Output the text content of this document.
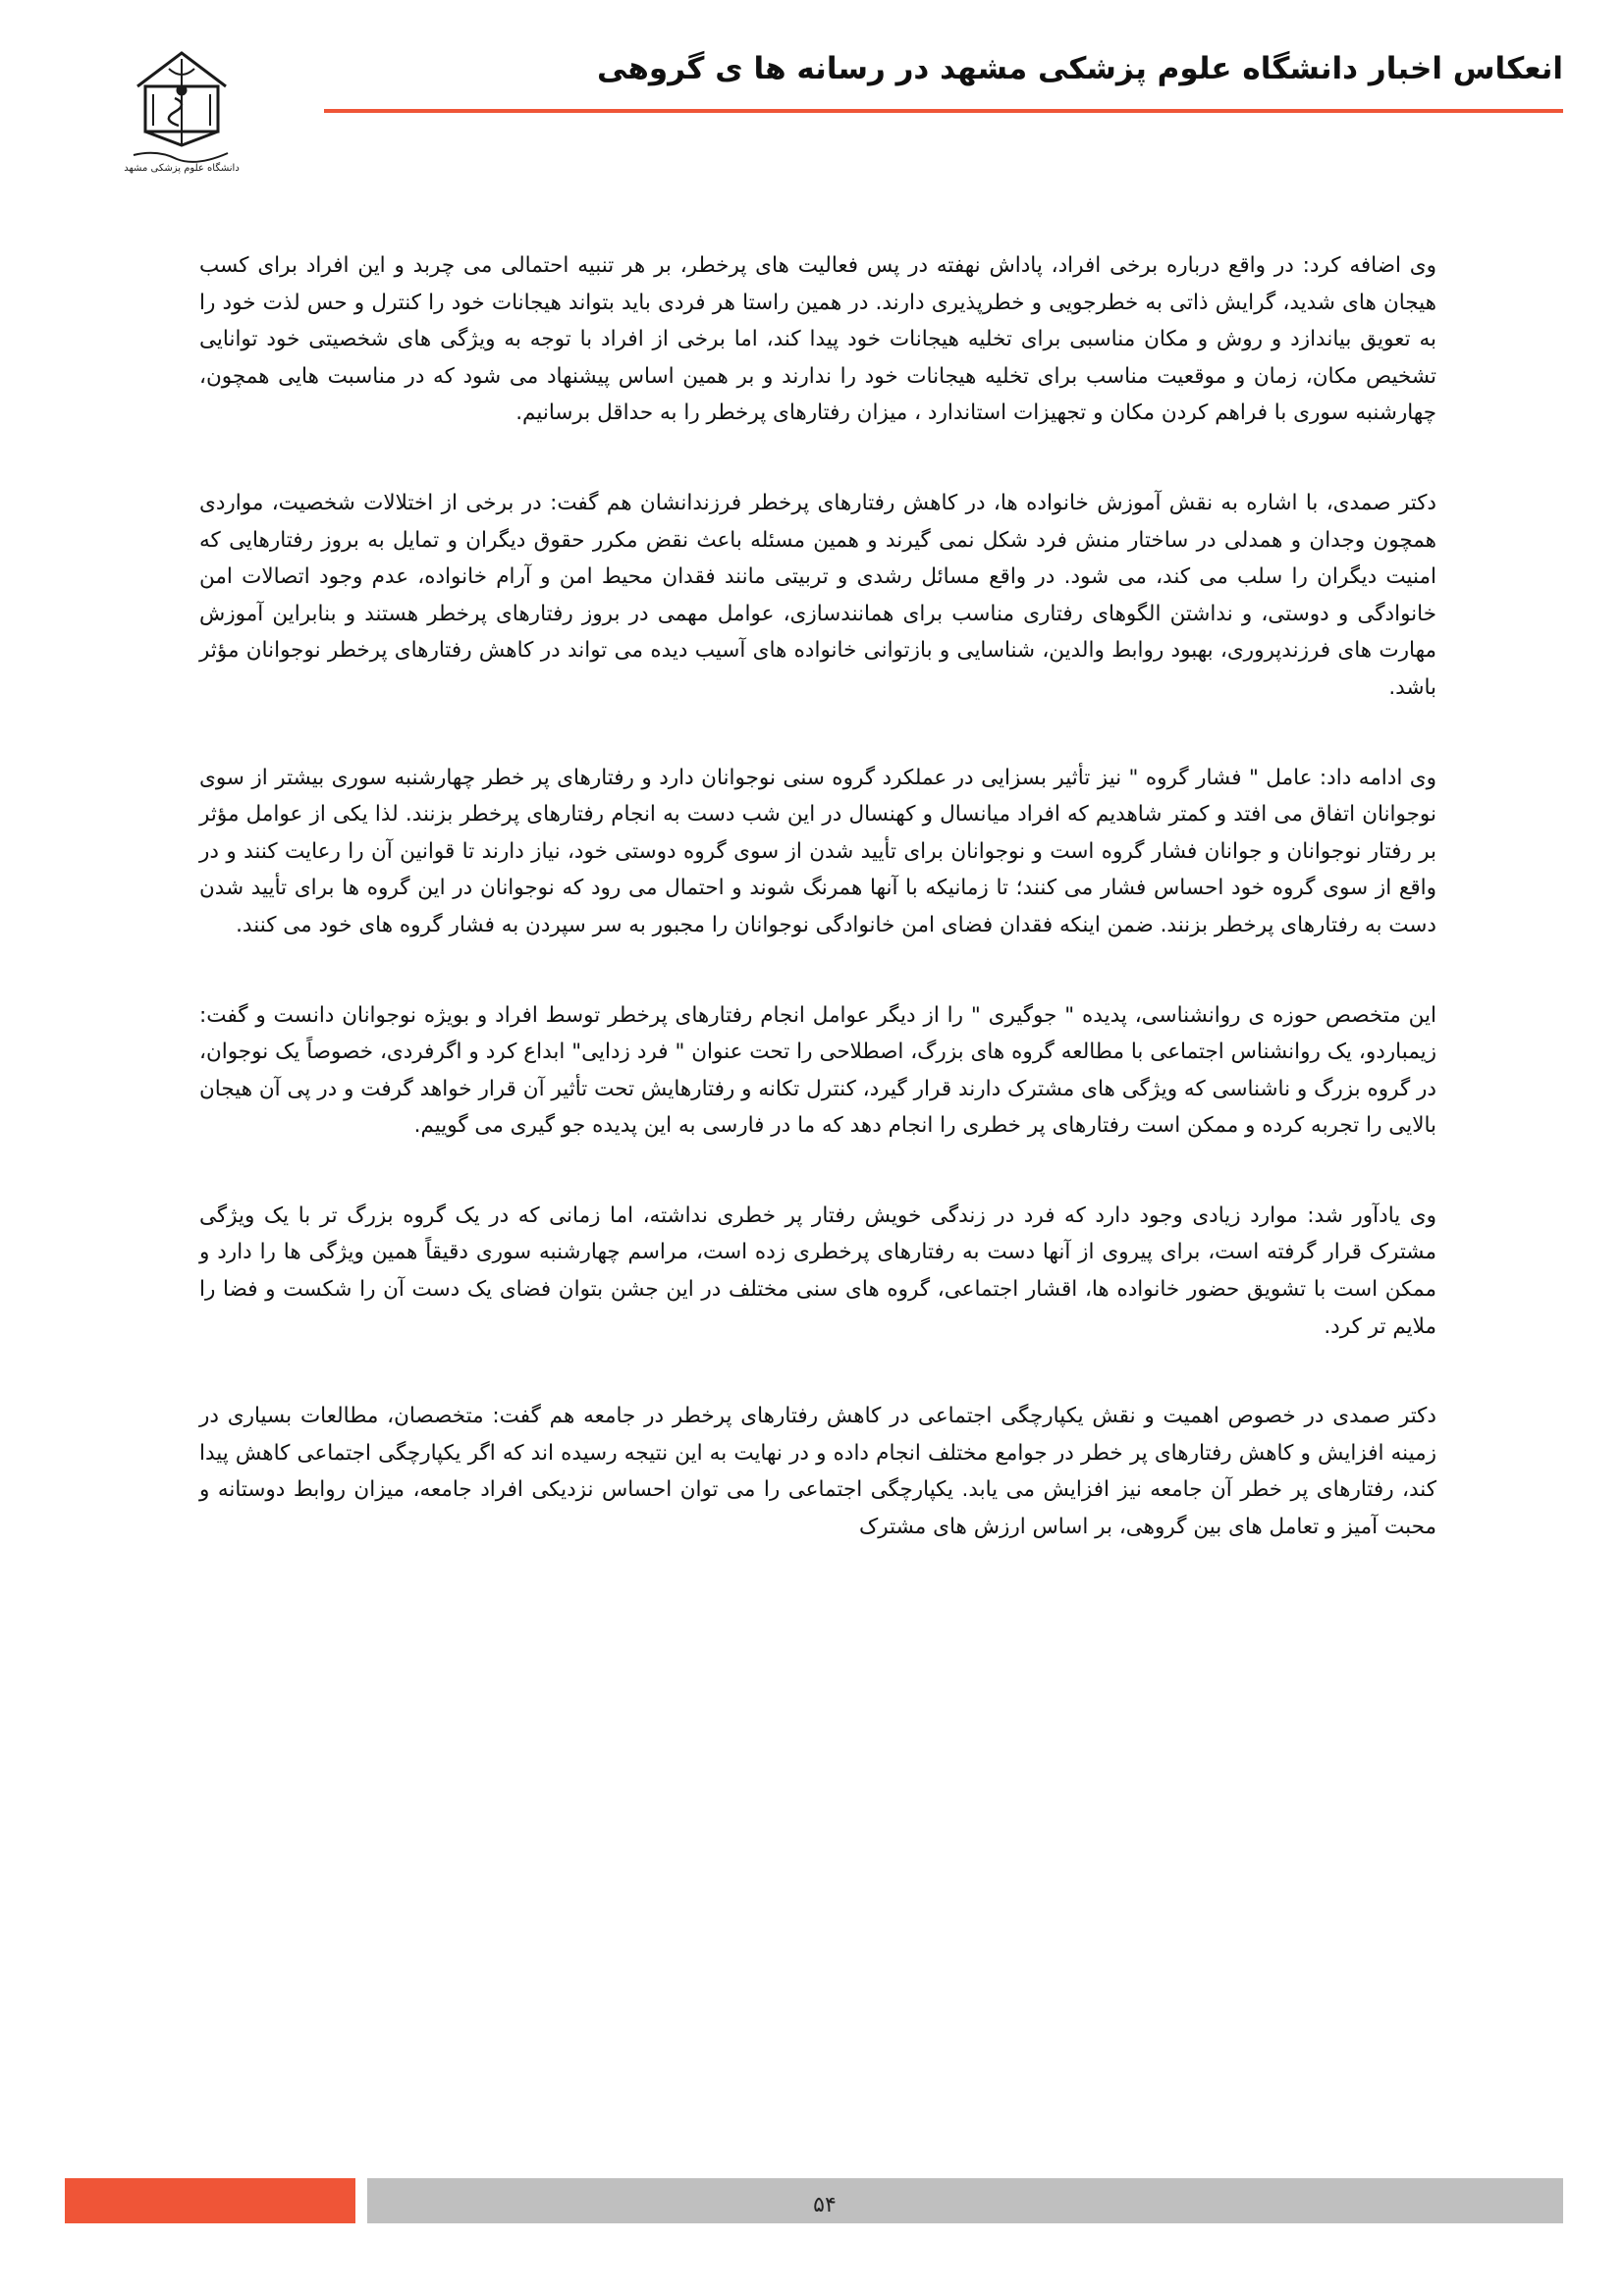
دانشگاه علوم پزشکی مشهد
انعکاس اخبار دانشگاه علوم پزشکی مشهد در رسانه ها ی گروهی

وی اضافه کرد: در واقع درباره برخی افراد، پاداش نهفته در پس فعالیت های پرخطر، بر هر تنبیه احتمالی می چربد و این افراد برای کسب هیجان های شدید، گرایش ذاتی به خطرجویی و خطرپذیری دارند. در همین راستا هر فردی باید بتواند هیجانات خود را کنترل و حس لذت خود را به تعویق بیاندازد و روش و مکان مناسبی برای تخلیه هیجانات خود پیدا کند، اما برخی از افراد با توجه به ویژگی های شخصیتی خود توانایی تشخیص مکان، زمان و موقعیت مناسب برای تخلیه هیجانات خود را ندارند و بر همین اساس پیشنهاد می شود که در مناسبت هایی همچون، چهارشنبه سوری با فراهم کردن مکان و تجهیزات استاندارد ، میزان رفتارهای پرخطر را به حداقل برسانیم.

دکتر صمدی، با اشاره به نقش آموزش خانواده ها، در کاهش رفتارهای پرخطر فرزندانشان هم گفت: در برخی از اختلالات شخصیت، مواردی همچون وجدان و همدلی در ساختار منش فرد شکل نمی گیرند و همین مسئله باعث نقض مکرر حقوق دیگران و تمایل به بروز رفتارهایی که امنیت دیگران را سلب می کند، می شود. در واقع مسائل رشدی و تربیتی مانند فقدان محیط امن و آرام خانواده، عدم وجود اتصالات امن خانوادگی و دوستی، و نداشتن الگوهای رفتاری مناسب برای همانندسازی، عوامل مهمی در بروز رفتارهای پرخطر هستند و بنابراین آموزش مهارت های فرزندپروری، بهبود روابط والدین، شناسایی و بازتوانی خانواده های آسیب دیده می تواند در کاهش رفتارهای پرخطر نوجوانان مؤثر باشد.

وی ادامه داد: عامل " فشار گروه " نیز تأثیر بسزایی در عملکرد گروه سنی نوجوانان دارد و رفتارهای پر خطر چهارشنبه سوری بیشتر از سوی نوجوانان اتفاق می افتد و کمتر شاهدیم که افراد میانسال و کهنسال در این شب دست به انجام رفتارهای پرخطر بزنند. لذا یکی از عوامل مؤثر بر رفتار نوجوانان و جوانان فشار گروه است و نوجوانان برای تأیید شدن از سوی گروه دوستی خود، نیاز دارند تا قوانین آن را رعایت کنند و در واقع از سوی گروه خود احساس فشار می کنند؛ تا زمانیکه با آنها همرنگ شوند و احتمال می رود که نوجوانان در این گروه ها برای تأیید شدن دست به رفتارهای پرخطر بزنند. ضمن اینکه فقدان فضای امن خانوادگی نوجوانان را مجبور به سر سپردن به فشار گروه های خود می کنند.

این متخصص حوزه ی روانشناسی، پدیده " جوگیری " را از دیگر عوامل انجام رفتارهای پرخطر توسط افراد و بویژه نوجوانان دانست و گفت: زیمباردو، یک روانشناس اجتماعی با مطالعه گروه های بزرگ، اصطلاحی را تحت عنوان " فرد زدایی" ابداع کرد و اگرفردی، خصوصاً یک نوجوان، در گروه بزرگ و ناشناسی که ویژگی های مشترک دارند قرار گیرد، کنترل تکانه و رفتارهایش تحت تأثیر آن قرار خواهد گرفت و در پی آن هیجان بالایی را تجربه کرده و ممکن است رفتارهای پر خطری را انجام دهد که ما در فارسی به این پدیده جو گیری می گوییم.

وی یادآور شد: موارد زیادی وجود دارد که فرد در زندگی خویش رفتار پر خطری نداشته، اما زمانی که در یک گروه بزرگ تر با یک ویژگی مشترک قرار گرفته است، برای پیروی از آنها دست به رفتارهای پرخطری زده است، مراسم چهارشنبه سوری دقیقاً همین ویژگی ها را دارد و ممکن است با تشویق حضور خانواده ها، اقشار اجتماعی، گروه های سنی مختلف در این جشن بتوان فضای یک دست آن را شکست و فضا را ملایم تر کرد.

دکتر صمدی در خصوص اهمیت و نقش یکپارچگی اجتماعی در کاهش رفتارهای پرخطر در جامعه هم گفت: متخصصان، مطالعات بسیاری در زمینه افزایش و کاهش رفتارهای پر خطر در جوامع مختلف انجام داده و در نهایت به این نتیجه رسیده اند که اگر یکپارچگی اجتماعی کاهش پیدا کند، رفتارهای پر خطر آن جامعه نیز افزایش می یابد. یکپارچگی اجتماعی را می توان احساس نزدیکی افراد جامعه، میزان روابط دوستانه و محبت آمیز و تعامل های بین گروهی، بر اساس ارزش های مشترک

۵۴
